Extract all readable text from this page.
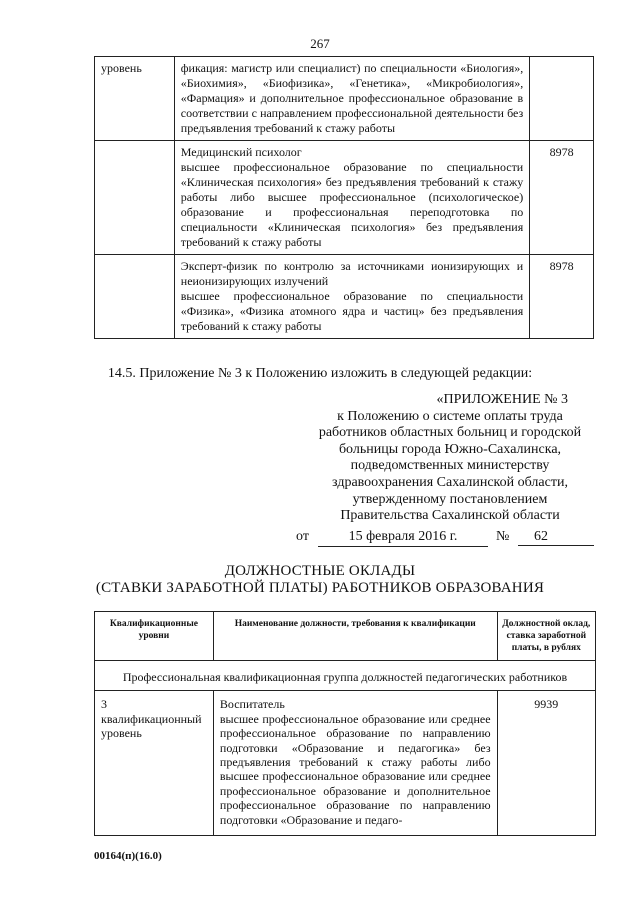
267
уровень	фикация: магистр или специалист) по специальности «Биология», «Биохимия», «Биофизика», «Генетика», «Микробиология», «Фармация» и дополнительное профессиональное образование в соответствии с направлением профессиональной деятельности без предъявления требований к стажу работы	
	Медицинский психолог
высшее профессиональное образование по специальности «Клиническая психология» без предъявления требований к стажу работы либо высшее профессиональное (психологическое) образование и профессиональная переподготовка по специальности «Клиническая психология» без предъявления требований к стажу работы	8978
	Эксперт-физик по контролю за источниками ионизирующих и неионизирующих излучений
высшее профессиональное образование по специальности «Физика», «Физика атомного ядра и частиц» без предъявления требований к стажу работы	8978
14.5. Приложение № 3 к Положению изложить в следующей редакции:
«ПРИЛОЖЕНИЕ № 3
к Положению о системе оплаты труда
работников областных больниц и городской
больницы города Южно-Сахалинска,
подведомственных министерству
здравоохранения Сахалинской области,
утвержденному постановлением
Правительства Сахалинской области
от	15 февраля 2016 г.	№	62
ДОЛЖНОСТНЫЕ ОКЛАДЫ
(СТАВКИ ЗАРАБОТНОЙ ПЛАТЫ) РАБОТНИКОВ ОБРАЗОВАНИЯ
Квалификационные уровни	Наименование должности, требования к квалификации	Должностной оклад, ставка заработной платы, в рублях
Профессиональная квалификационная группа должностей педагогических работников		
3 квалификационный уровень	Воспитатель
высшее профессиональное образование или среднее профессиональное образование по направлению подготовки «Образование и педагогика» без предъявления требований к стажу работы либо высшее профессиональное образование или среднее профессиональное образование и дополнительное профессиональное образование по направлению подготовки «Образование и педаго-	9939
00164(п)(16.0)
